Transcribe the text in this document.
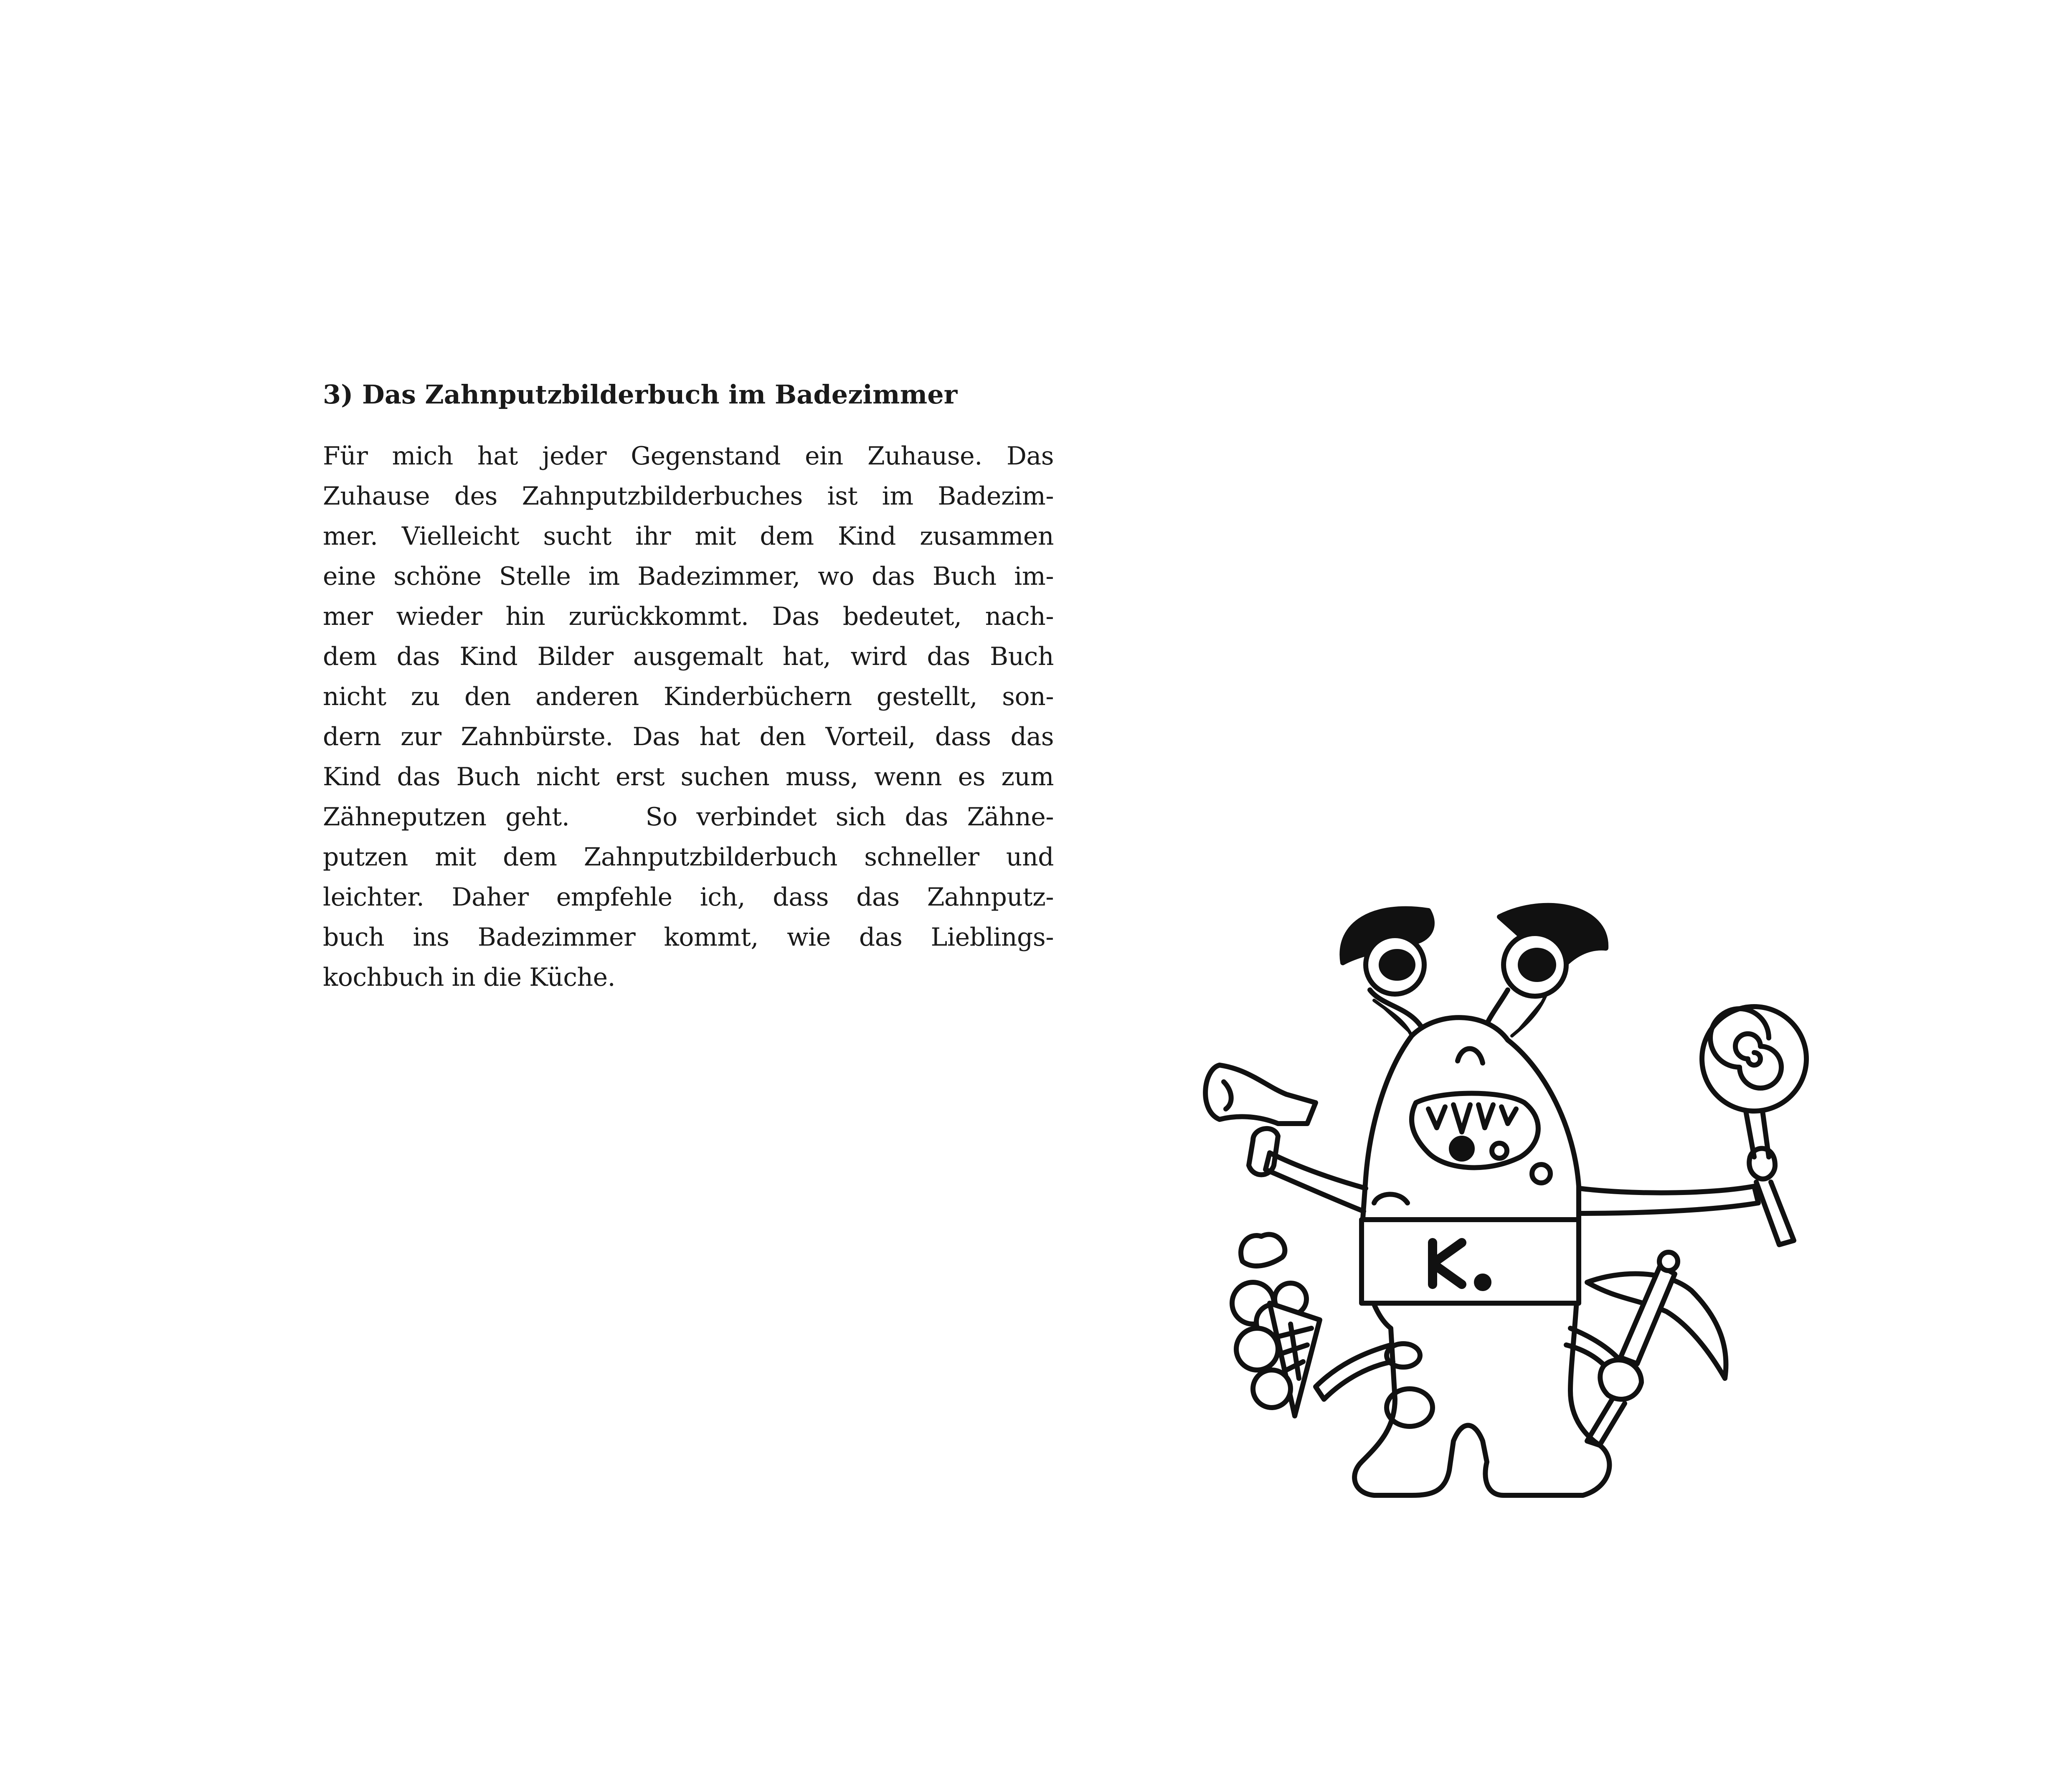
3) Das Zahnputzbilderbuch im Badezimmer
Für mich hat jeder Gegenstand ein Zuhause. Das
Zuhause des Zahnputzbilderbuches ist im Badezim-
mer. Vielleicht sucht ihr mit dem Kind zusammen
eine schöne Stelle im Badezimmer, wo das Buch im-
mer wieder hin zurückkommt. Das bedeutet, nach-
dem das Kind Bilder ausgemalt hat, wird das Buch
nicht zu den anderen Kinderbüchern gestellt, son-
dern zur Zahnbürste. Das hat den Vorteil, dass das
Kind das Buch nicht erst suchen muss, wenn es zum
Zähneputzen geht.    So verbindet sich das Zähne-
putzen mit dem Zahnputzbilderbuch schneller und
leichter. Daher empfehle ich, dass das Zahnputz-
buch ins Badezimmer kommt, wie das Lieblings-
kochbuch in die Küche.
